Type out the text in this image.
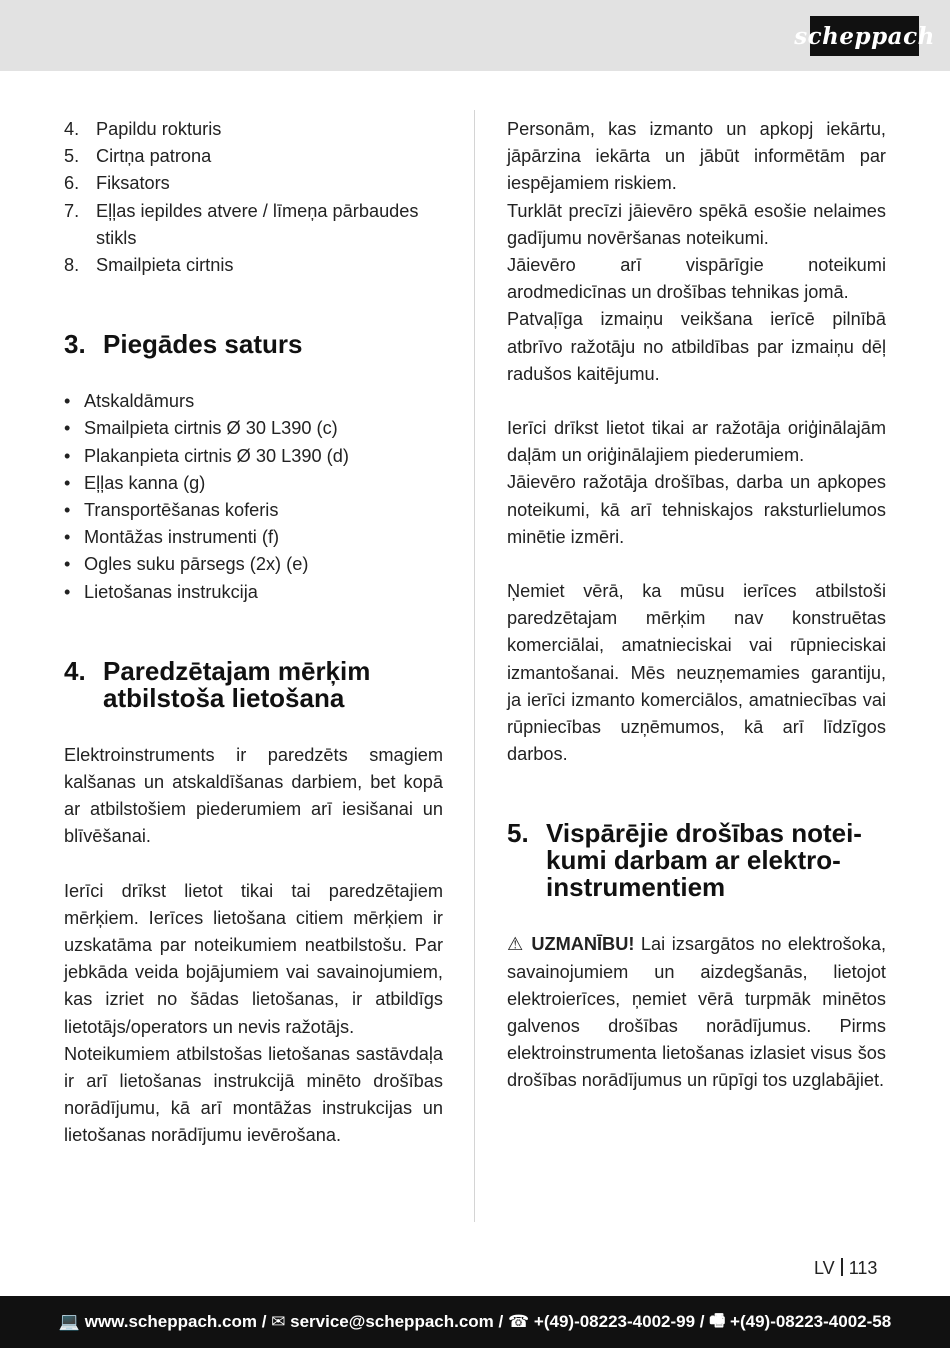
scheppach
4. Papildu rokturis
5. Cirtņa patrona
6. Fiksators
7. Eļļas iepildes atvere / līmeņa pārbaudes stikls
8. Smailpieta cirtnis
3. Piegādes saturs
• Atskaldāmurs
• Smailpieta cirtnis Ø 30 L390 (c)
• Plakanpieta cirtnis Ø 30 L390 (d)
• Eļļas kanna (g)
• Transportēšanas koferis
• Montāžas instrumenti (f)
• Ogles suku pārsegs (2x) (e)
• Lietošanas instrukcija
4. Paredzētajam mērķim
atbilstoša lietošana

Elektroinstruments ir paredzēts smagiem kalšanas un atskaldīšanas darbiem, bet kopā ar atbilstošiem piederumiem arī iesišanai un blīvēšanai.

Ierīci drīkst lietot tikai tai paredzētajiem mērķiem. Ierīces lietošana citiem mērķiem ir uzskatāma par noteikumiem neatbilstošu. Par jebkāda veida bojājumiem vai savainojumiem, kas izriet no šādas lietošanas, ir atbildīgs lietotājs/operators un nevis ražotājs.

Noteikumiem atbilstošas lietošanas sastāvdaļa ir arī lietošanas instrukcijā minēto drošības norādījumu, kā arī montāžas instrukcijas un lietošanas norādījumu ievērošana.

Personām, kas izmanto un apkopj iekārtu, jāpārzina iekārta un jābūt informētām par iespējamiem riskiem.

Turklāt precīzi jāievēro spēkā esošie nelaimes gadījumu novēršanas noteikumi.

Jāievēro arī vispārīgie noteikumi arodmedicīnas un drošības tehnikas jomā.

Patvaļīga izmaiņu veikšana ierīcē pilnībā atbrīvo ražotāju no atbildības par izmaiņu dēļ radušos kaitējumu.

Ierīci drīkst lietot tikai ar ražotāja oriģinālajām daļām un oriģinālajiem piederumiem.

Jāievēro ražotāja drošības, darba un apkopes noteikumi, kā arī tehniskajos raksturlielumos minētie izmēri.

Ņemiet vērā, ka mūsu ierīces atbilstoši paredzētajam mērķim nav konstruētas komerciālai, amatnieciskai vai rūpnieciskai izmantošanai. Mēs neuzņemamies garantiju, ja ierīci izmanto komerciālos, amatniecības vai rūpniecības uzņēmumos, kā arī līdzīgos darbos.

5. Vispārējie drošības notei-
kumi darbam ar elektro-
instrumentiem

⚠ UZMANĪBU! Lai izsargātos no elektrošoka, savainojumiem un aizdegšanās, lietojot elektroierīces, ņemiet vērā turpmāk minētos galvenos drošības norādījumus. Pirms elektroinstrumenta lietošanas izlasiet visus šos drošības norādījumus un rūpīgi tos uzglabājiet.

LV 113
💻
www.scheppach.com / ✉
service@scheppach.com / ☎
+(49)-08223-4002-99 / 🖷
+(49)-08223-4002-58
